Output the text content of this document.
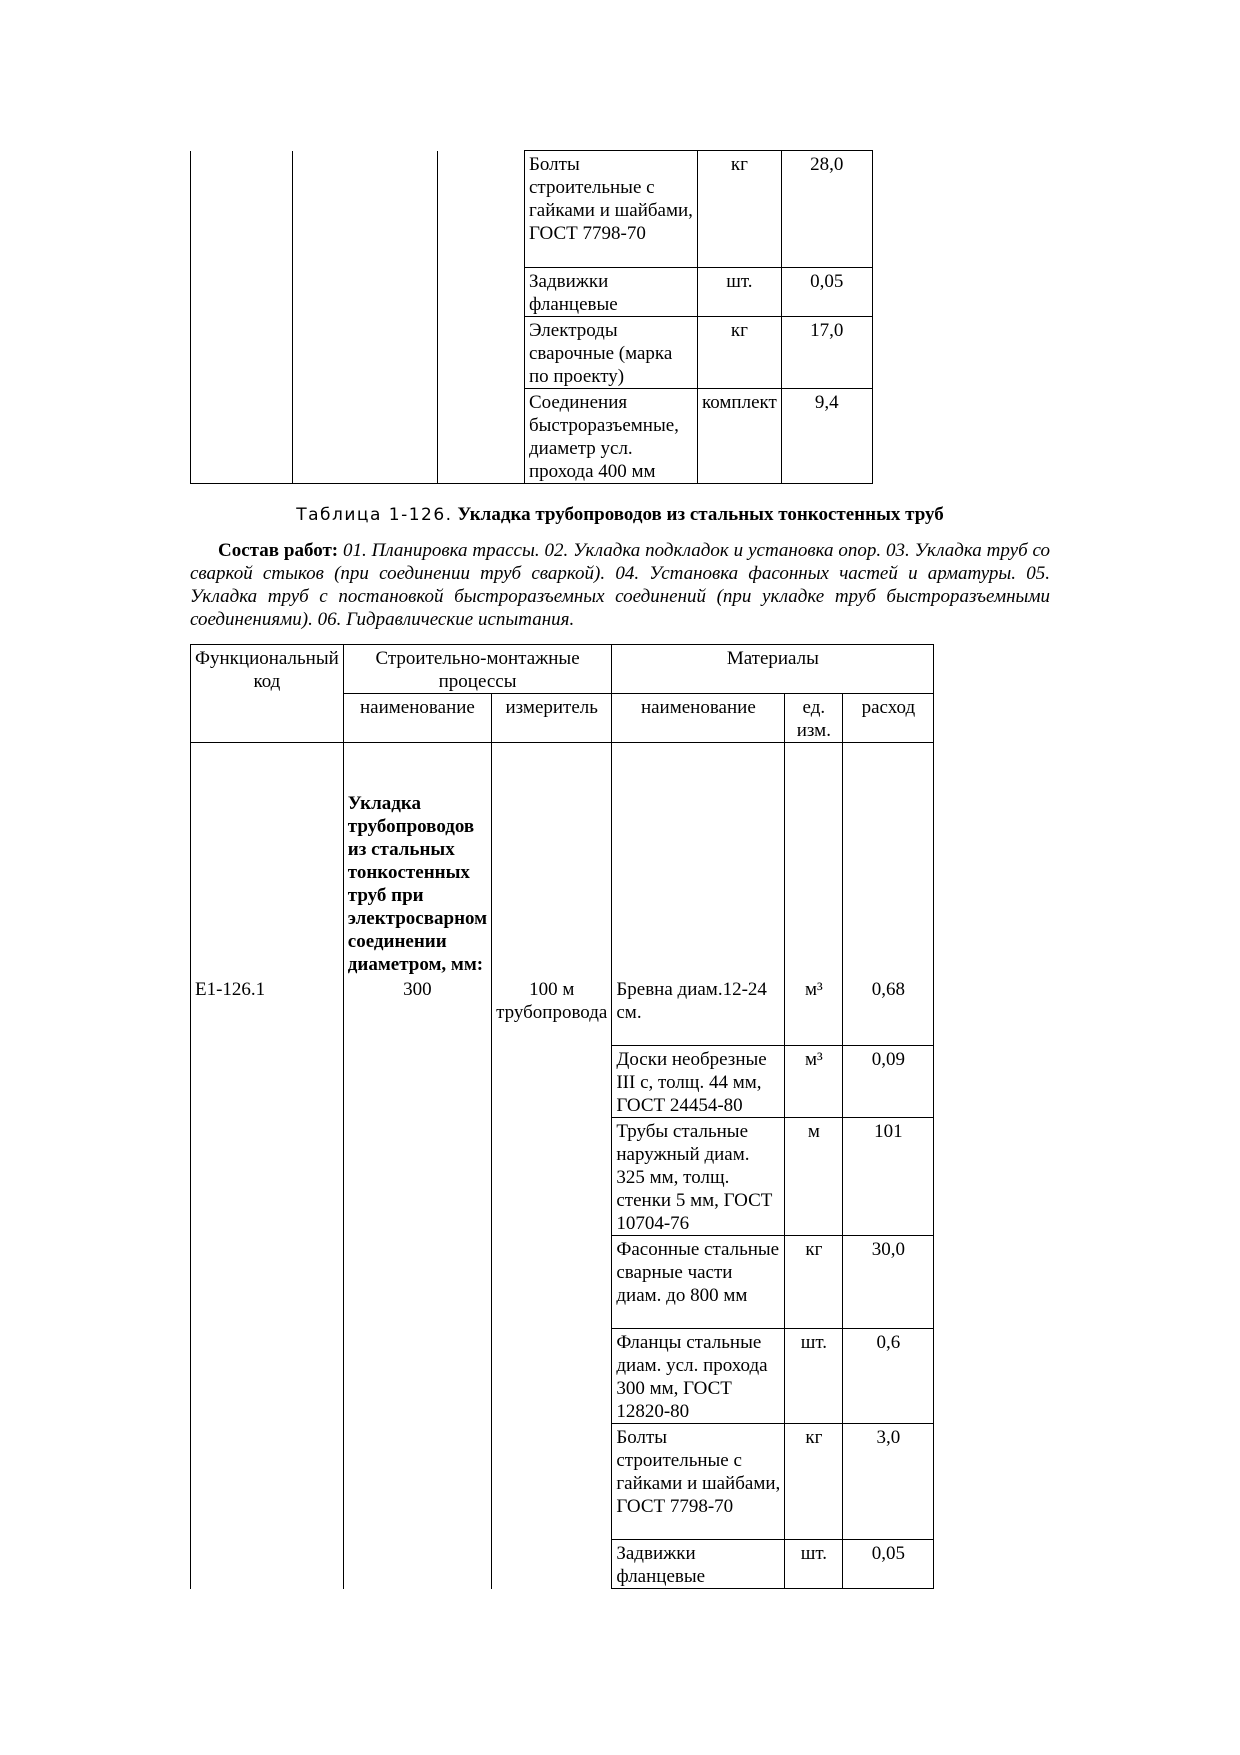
			Болты строительные с гайками и шайбами, ГОСТ 7798-70	кг	28,0
			Задвижки фланцевые	шт.	0,05
			Электроды сварочные (марка по проекту)	кг	17,0
			Соединения быстроразъемные, диаметр усл. прохода 400 мм	комплект	9,4
Таблица 1-126. Укладка трубопроводов из стальных тонкостенных труб
Состав работ: 01. Планировка трассы. 02. Укладка подкладок и установка опор. 03. Укладка труб со сваркой стыков (при соединении труб сваркой). 04. Установка фасонных частей и арматуры. 05. Укладка труб с постановкой быстроразъемных соединений (при укладке труб быстроразъемными соединениями). 06. Гидравлические испытания.
Функциональный код	Строительно-монтажные процессы		Материалы		
	наименование	измеритель	наименование	ед. изм.	расход
	Укладка трубопроводов из стальных тонкостенных труб при электросварном соединении диаметром, мм:				
Е1-126.1	300	100 м трубопровода	Бревна диам.12-24 см.	м³	0,68
			Доски необрезные III с, толщ. 44 мм, ГОСТ 24454-80	м³	0,09
			Трубы стальные наружный диам. 325 мм, толщ. стенки 5 мм, ГОСТ 10704-76	м	101
			Фасонные стальные сварные части диам. до 800 мм	кг	30,0
			Фланцы стальные диам. усл. прохода 300 мм, ГОСТ 12820-80	шт.	0,6
			Болты строительные с гайками и шайбами, ГОСТ 7798-70	кг	3,0
			Задвижки фланцевые	шт.	0,05
